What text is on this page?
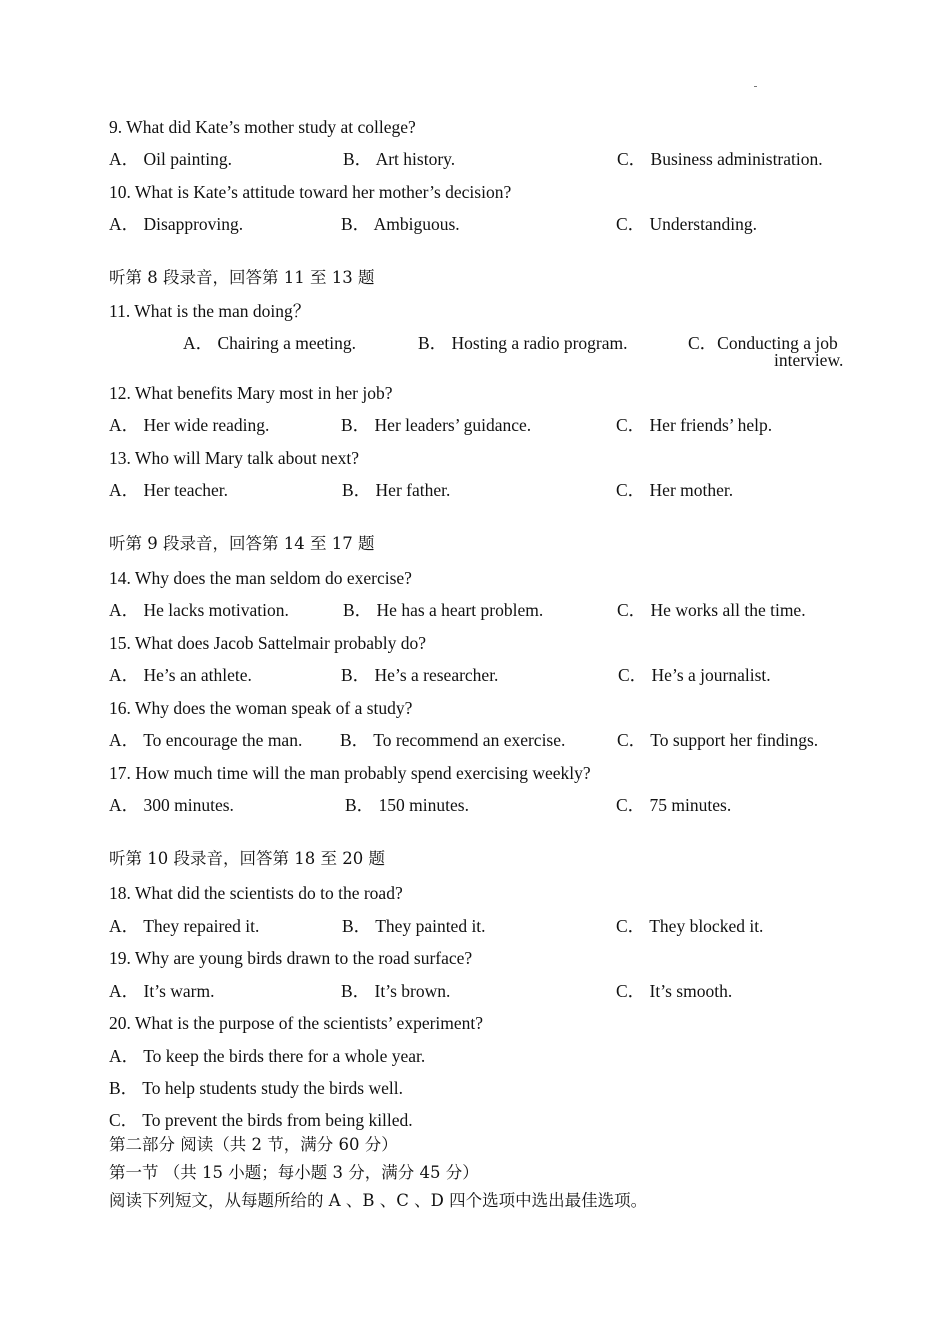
9. What did Kate’s mother study at college?
A． Oil painting.	B． Art history.	C． Business administration.
10. What is Kate’s attitude toward her mother’s decision?
A． Disapproving.	B． Ambiguous.	C． Understanding.
听第 8 段录音，回答第 11 至 13 题
11. What is the man doing？
A． Chairing a meeting.	B． Hosting a radio program.	C．Conducting a job
interview.
12. What benefits Mary most in her job?
A． Her wide reading.	B． Her leaders’ guidance.	C． Her friends’ help.
13. Who will Mary talk about next?
A． Her teacher.	B． Her father.	C． Her mother.
听第 9 段录音，回答第 14 至 17 题
14. Why does the man seldom do exercise?
A． He lacks motivation.	B． He has a heart problem.	C． He works all the time.
15. What does Jacob Sattelmair probably do?
A． He’s an athlete.	B． He’s a researcher.	C． He’s a journalist.
16. Why does the woman speak of a study?
A． To encourage the man. B． To recommend an exercise.	C． To support her findings.
17. How much time will the man probably spend exercising weekly?
A． 300 minutes.	B． 150 minutes.	C． 75 minutes.
听第 10 段录音，回答第 18 至 20 题
18. What did the scientists do to the road?
A． They repaired it.	B． They painted it.	C． They blocked it.
19. Why are young birds drawn to the road surface?
A． It’s warm.	B． It’s brown.	C． It’s smooth.
20. What is the purpose of the scientists’ experiment?
A． To keep the birds there for a whole year.
B． To help students study the birds well.
C． To prevent the birds from being killed.
第二部分 阅读（共 2 节，满分 60 分）
第一节 （共 15 小题；每小题 3 分，满分 45 分）
阅读下列短文，从每题所给的 A 、B 、C 、D 四个选项中选出最佳选项。
